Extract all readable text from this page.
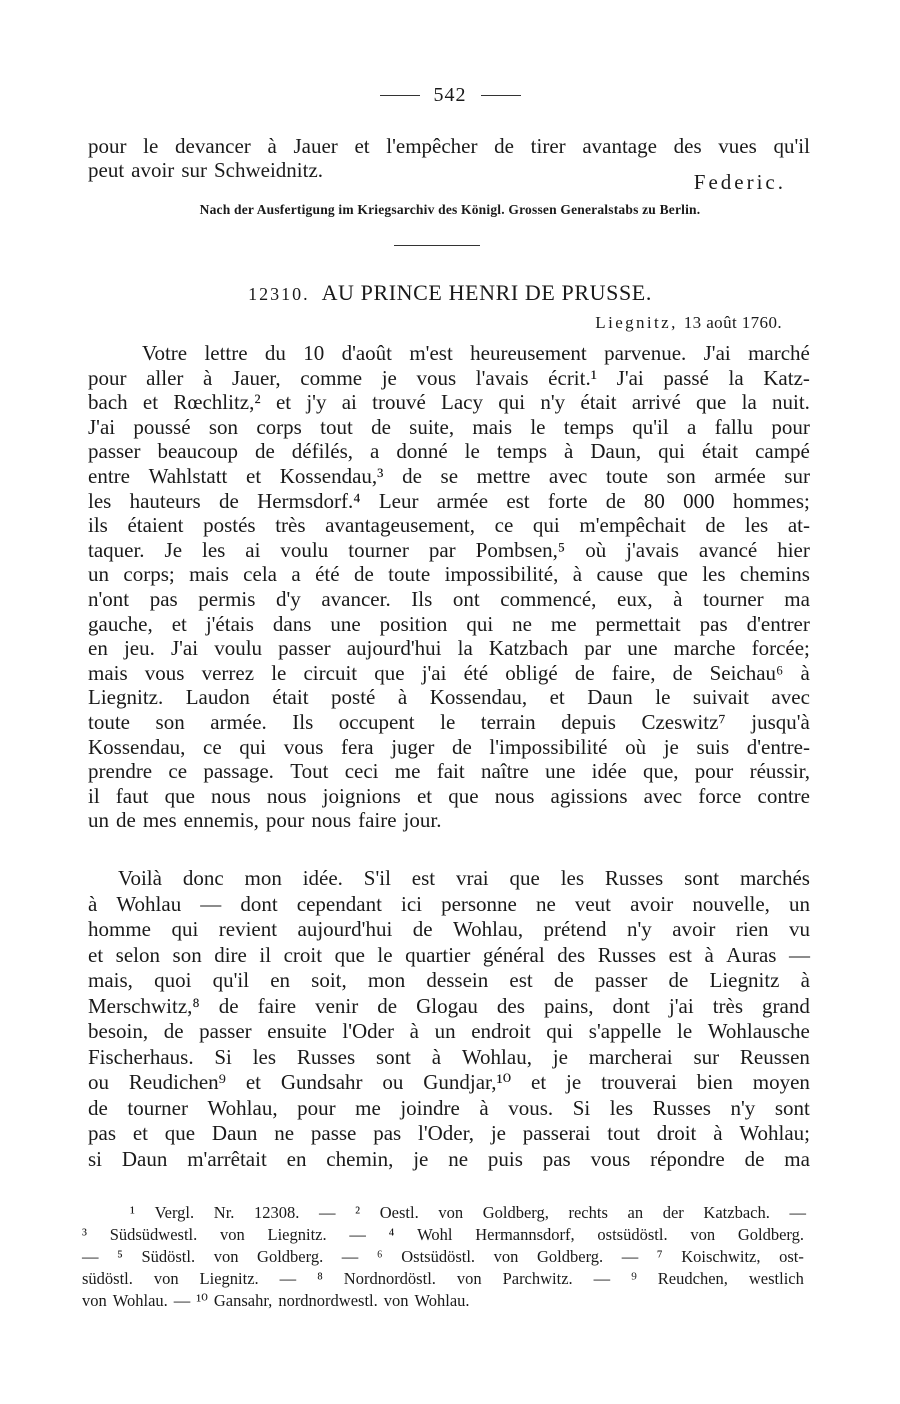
542
pour le devancer à Jauer et l'empêcher de tirer avantage des vues qu'il
peut avoir sur Schweidnitz.	Federic.
Nach der Ausfertigung im Kriegsarchiv des Königl. Grossen Generalstabs zu Berlin.
12310. AU PRINCE HENRI DE PRUSSE.
Liegnitz, 13 août 1760.
Votre lettre du 10 d'août m'est heureusement parvenue. J'ai marché
pour aller à Jauer, comme je vous l'avais écrit.¹ J'ai passé la Katz-
bach et Rœchlitz,² et j'y ai trouvé Lacy qui n'y était arrivé que la nuit.
J'ai poussé son corps tout de suite, mais le temps qu'il a fallu pour
passer beaucoup de défilés, a donné le temps à Daun, qui était campé
entre Wahlstatt et Kossendau,³ de se mettre avec toute son armée sur
les hauteurs de Hermsdorf.⁴ Leur armée est forte de 80 000 hommes;
ils étaient postés très avantageusement, ce qui m'empêchait de les at-
taquer. Je les ai voulu tourner par Pombsen,⁵ où j'avais avancé hier
un corps; mais cela a été de toute impossibilité, à cause que les chemins
n'ont pas permis d'y avancer. Ils ont commencé, eux, à tourner ma
gauche, et j'étais dans une position qui ne me permettait pas d'entrer
en jeu. J'ai voulu passer aujourd'hui la Katzbach par une marche forcée;
mais vous verrez le circuit que j'ai été obligé de faire, de Seichau⁶ à
Liegnitz. Laudon était posté à Kossendau, et Daun le suivait avec
toute son armée. Ils occupent le terrain depuis Czeswitz⁷ jusqu'à
Kossendau, ce qui vous fera juger de l'impossibilité où je suis d'entre-
prendre ce passage. Tout ceci me fait naître une idée que, pour réussir,
il faut que nous nous joignions et que nous agissions avec force contre
un de mes ennemis, pour nous faire jour.
Voilà donc mon idée. S'il est vrai que les Russes sont marchés
à Wohlau — dont cependant ici personne ne veut avoir nouvelle, un
homme qui revient aujourd'hui de Wohlau, prétend n'y avoir rien vu
et selon son dire il croit que le quartier général des Russes est à Auras —
mais, quoi qu'il en soit, mon dessein est de passer de Liegnitz à
Merschwitz,⁸ de faire venir de Glogau des pains, dont j'ai très grand
besoin, de passer ensuite l'Oder à un endroit qui s'appelle le Wohlausche
Fischerhaus. Si les Russes sont à Wohlau, je marcherai sur Reussen
ou Reudichen⁹ et Gundsahr ou Gundjar,¹⁰ et je trouverai bien moyen
de tourner Wohlau, pour me joindre à vous. Si les Russes n'y sont
pas et que Daun ne passe pas l'Oder, je passerai tout droit à Wohlau;
si Daun m'arrêtait en chemin, je ne puis pas vous répondre de ma
¹ Vergl. Nr. 12308. — ² Oestl. von Goldberg, rechts an der Katzbach. —
³ Südsüdwestl. von Liegnitz. — ⁴ Wohl Hermannsdorf, ostsüdöstl. von Goldberg.
— ⁵ Südöstl. von Goldberg. — ⁶ Ostsüdöstl. von Goldberg. — ⁷ Koischwitz, ost-
südöstl. von Liegnitz. — ⁸ Nordnordöstl. von Parchwitz. — ⁹ Reudchen, westlich
von Wohlau. — ¹⁰ Gansahr, nordnordwestl. von Wohlau.
